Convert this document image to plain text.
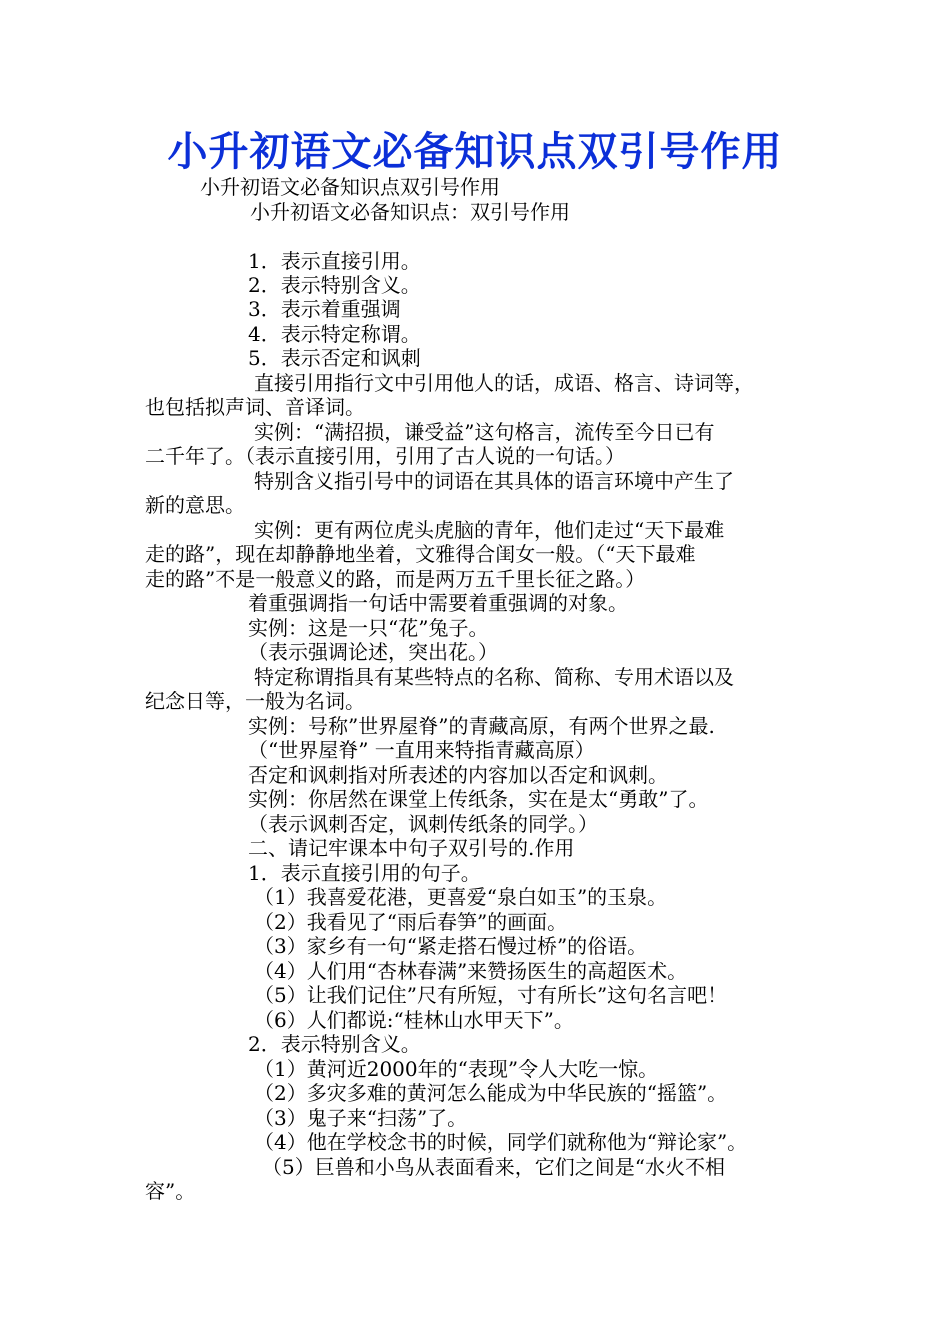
小升初语文必备知识点双引号作用
小升初语文必备知识点双引号作用
小升初语文必备知识点：双引号作用
1．表示直接引用。
2．表示特别含义。
3．表示着重强调
4．表示特定称谓。
5．表示否定和讽刺
直接引用指行文中引用他人的话，成语、格言、诗词等，
也包括拟声词、音译词。
实例：“满招损，谦受益”这句格言，流传至今日已有
二千年了。（表示直接引用，引用了古人说的一句话。）
特别含义指引号中的词语在其具体的语言环境中产生了
新的意思。
实例：更有两位虎头虎脑的青年，他们走过“天下最难
走的路”，现在却静静地坐着，文雅得合闺女一般。（“天下最难
走的路”不是一般意义的路，而是两万五千里长征之路。）
着重强调指一句话中需要着重强调的对象。
实例：这是一只“花”兔子。
（表示强调论述，突出花。）
特定称谓指具有某些特点的名称、简称、专用术语以及
纪念日等，一般为名词。
实例：号称”世界屋脊”的青藏高原，有两个世界之最.
（“世界屋脊” 一直用来特指青藏高原）
否定和讽刺指对所表述的内容加以否定和讽刺。
实例：你居然在课堂上传纸条，实在是太“勇敢”了。
（表示讽刺否定，讽刺传纸条的同学。）
二、请记牢课本中句子双引号的.作用
1．表示直接引用的句子。
（1）我喜爱花港，更喜爱“泉白如玉”的玉泉。
（2）我看见了“雨后春笋”的画面。
（3）家乡有一句“紧走搭石慢过桥”的俗语。
（4）人们用“杏林春满”来赞扬医生的高超医术。
（5）让我们记住”尺有所短，寸有所长”这句名言吧！
（6）人们都说:“桂林山水甲天下”。
2．表示特别含义。
（1）黄河近2000年的“表现”令人大吃一惊。
（2）多灾多难的黄河怎么能成为中华民族的“摇篮”。
（3）鬼子来“扫荡”了。
（4）他在学校念书的时候，同学们就称他为“辩论家”。
（5）巨兽和小鸟从表面看来，它们之间是“水火不相
容”。
